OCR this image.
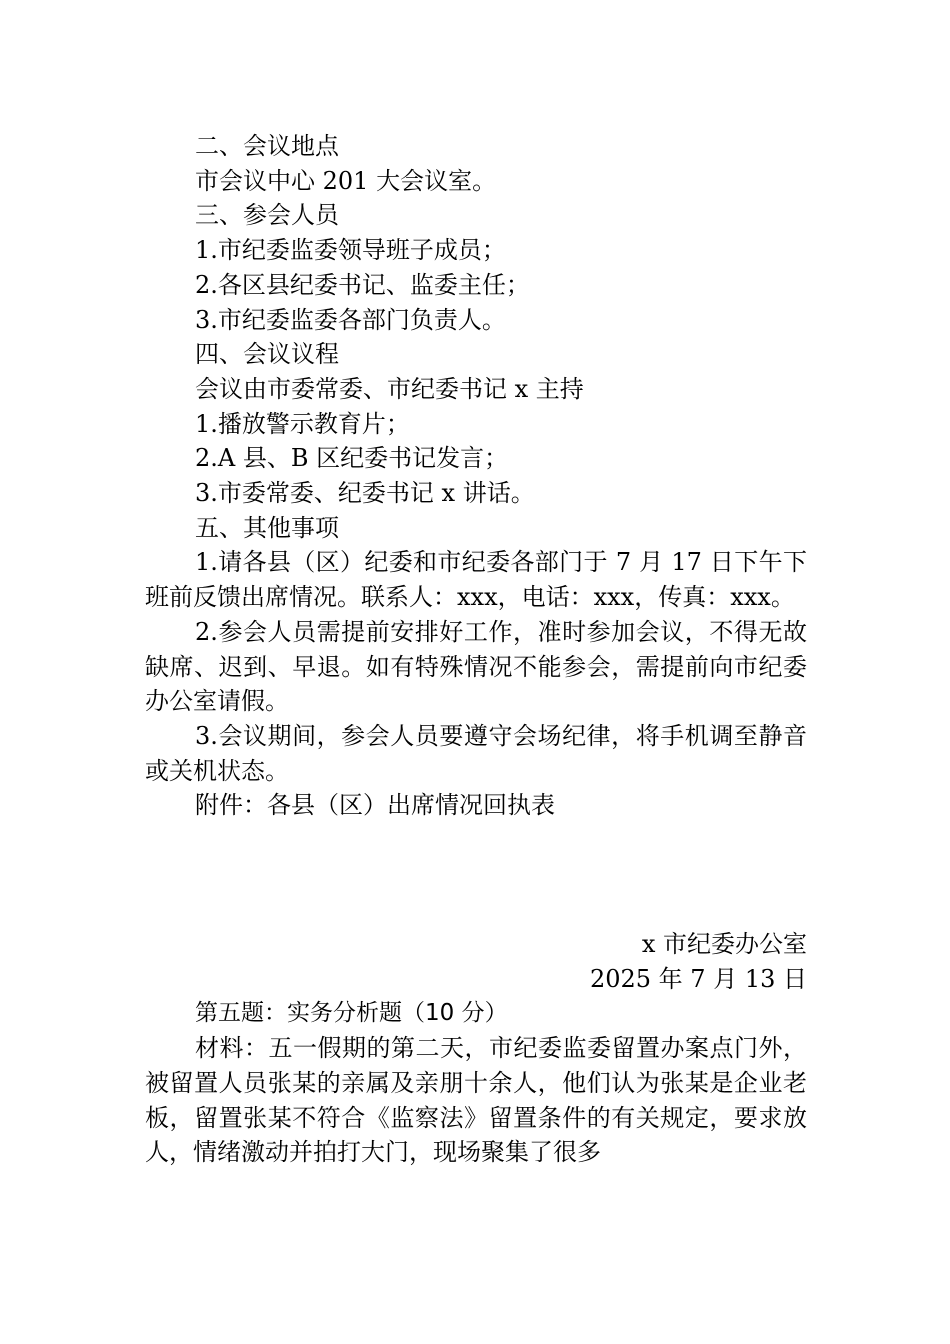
二、会议地点

市会议中心 201 大会议室。

三、参会人员

1.市纪委监委领导班子成员；

2.各区县纪委书记、监委主任；

3.市纪委监委各部门负责人。

四、会议议程

会议由市委常委、市纪委书记 x 主持

1.播放警示教育片；

2.A 县、B 区纪委书记发言；

3.市委常委、纪委书记 x 讲话。

五、其他事项

1.请各县（区）纪委和市纪委各部门于 7 月 17 日下午下班前反馈出席情况。联系人：xxx，电话：xxx，传真：xxx。

2.参会人员需提前安排好工作，准时参加会议，不得无故缺席、迟到、早退。如有特殊情况不能参会，需提前向市纪委办公室请假。

3.会议期间，参会人员要遵守会场纪律，将手机调至静音或关机状态。

附件：各县（区）出席情况回执表

x 市纪委办公室

2025 年 7 月 13 日

第五题：实务分析题（10 分）

材料：五一假期的第二天，市纪委监委留置办案点门外，被留置人员张某的亲属及亲朋十余人，他们认为张某是企业老板，留置张某不符合《监察法》留置条件的有关规定，要求放人，情绪激动并拍打大门，现场聚集了很多
